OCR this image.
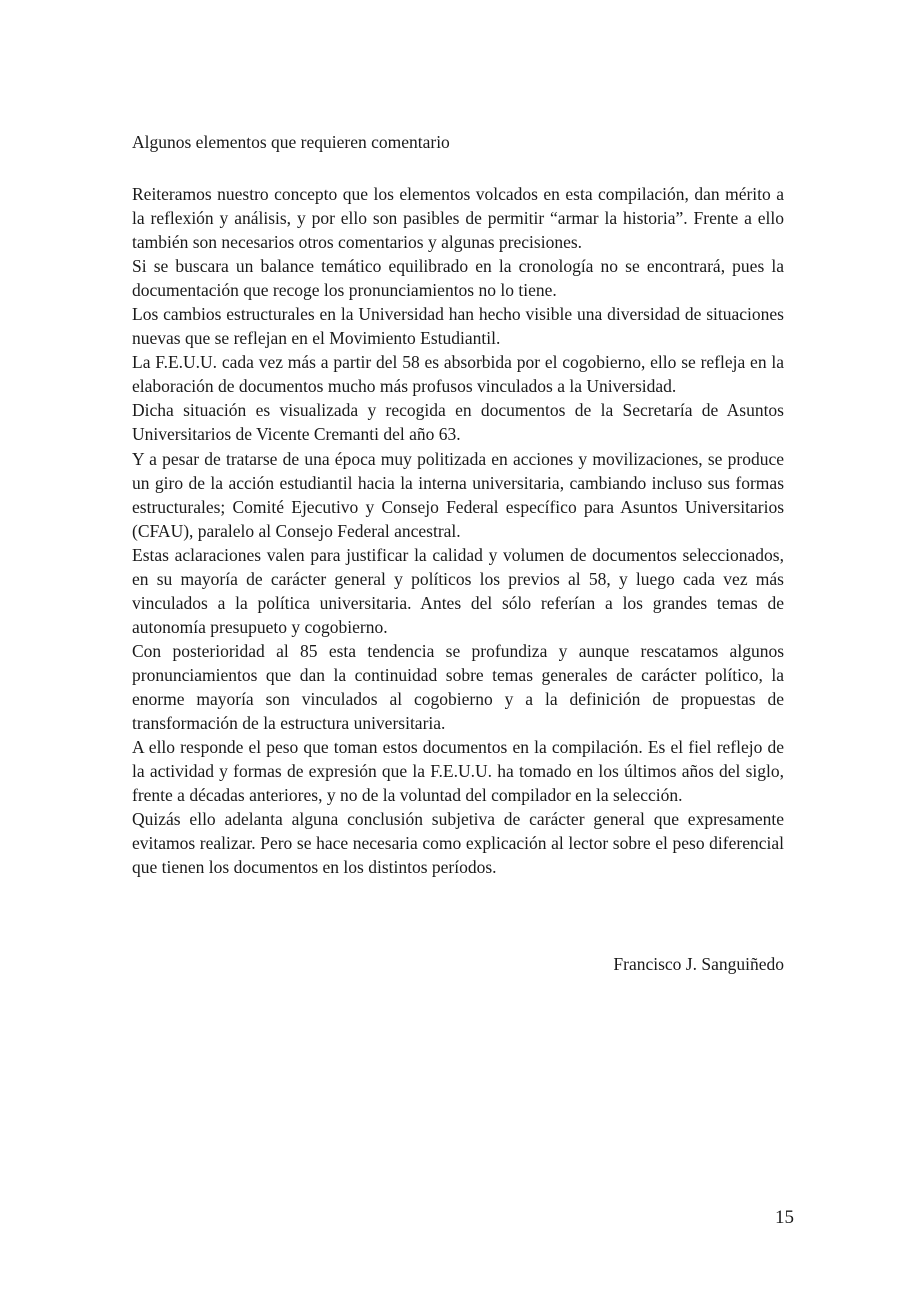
Algunos elementos que requieren comentario

Reiteramos nuestro concepto que los elementos volcados en esta compilación, dan mérito a la reflexión y análisis, y por ello son pasibles de permitir “armar la historia”. Frente a ello también son necesarios otros comentarios y algunas precisiones.

Si se buscara un balance temático equilibrado en la cronología no se encontrará, pues la documentación que recoge los pronunciamientos no lo tiene.

Los cambios estructurales en la Universidad han hecho visible una diversidad de situaciones nuevas que se reflejan en el Movimiento Estudiantil.

La F.E.U.U. cada vez más a partir del 58 es absorbida por el cogobierno, ello se refleja en la elaboración de documentos mucho más profusos vinculados a la Universidad.

Dicha situación es visualizada y recogida en documentos de la Secretaría de Asuntos Universitarios de Vicente Cremanti del año 63.

Y a pesar de tratarse de una época muy politizada en acciones y movilizaciones, se produce un giro de la acción estudiantil hacia la interna universitaria, cambiando incluso sus formas estructurales; Comité Ejecutivo y Consejo Federal específico para Asuntos Universitarios (CFAU), paralelo al Consejo Federal ancestral.

Estas aclaraciones valen para justificar la calidad y volumen de documentos seleccionados, en su mayoría de carácter general y políticos los previos al 58, y luego cada vez más vinculados a la política universitaria. Antes del sólo referían a los grandes temas de autonomía presupueto y cogobierno.

Con posterioridad al 85 esta tendencia se profundiza y aunque rescatamos algunos pronunciamientos que dan la continuidad sobre temas generales de carácter político, la enorme mayoría son vinculados al cogobierno y a la definición de propuestas de transformación de la estructura universitaria.

A ello responde el peso que toman estos documentos en la compilación. Es el fiel reflejo de la actividad y formas de expresión que la F.E.U.U. ha tomado en los últimos años del siglo, frente a décadas anteriores, y no de la voluntad del compilador en la selección.

Quizás ello adelanta alguna conclusión subjetiva de carácter general que expresamente evitamos realizar. Pero se hace necesaria como explicación al lector sobre el peso diferencial que tienen los documentos en los distintos períodos.

Francisco J. Sanguiñedo

15
